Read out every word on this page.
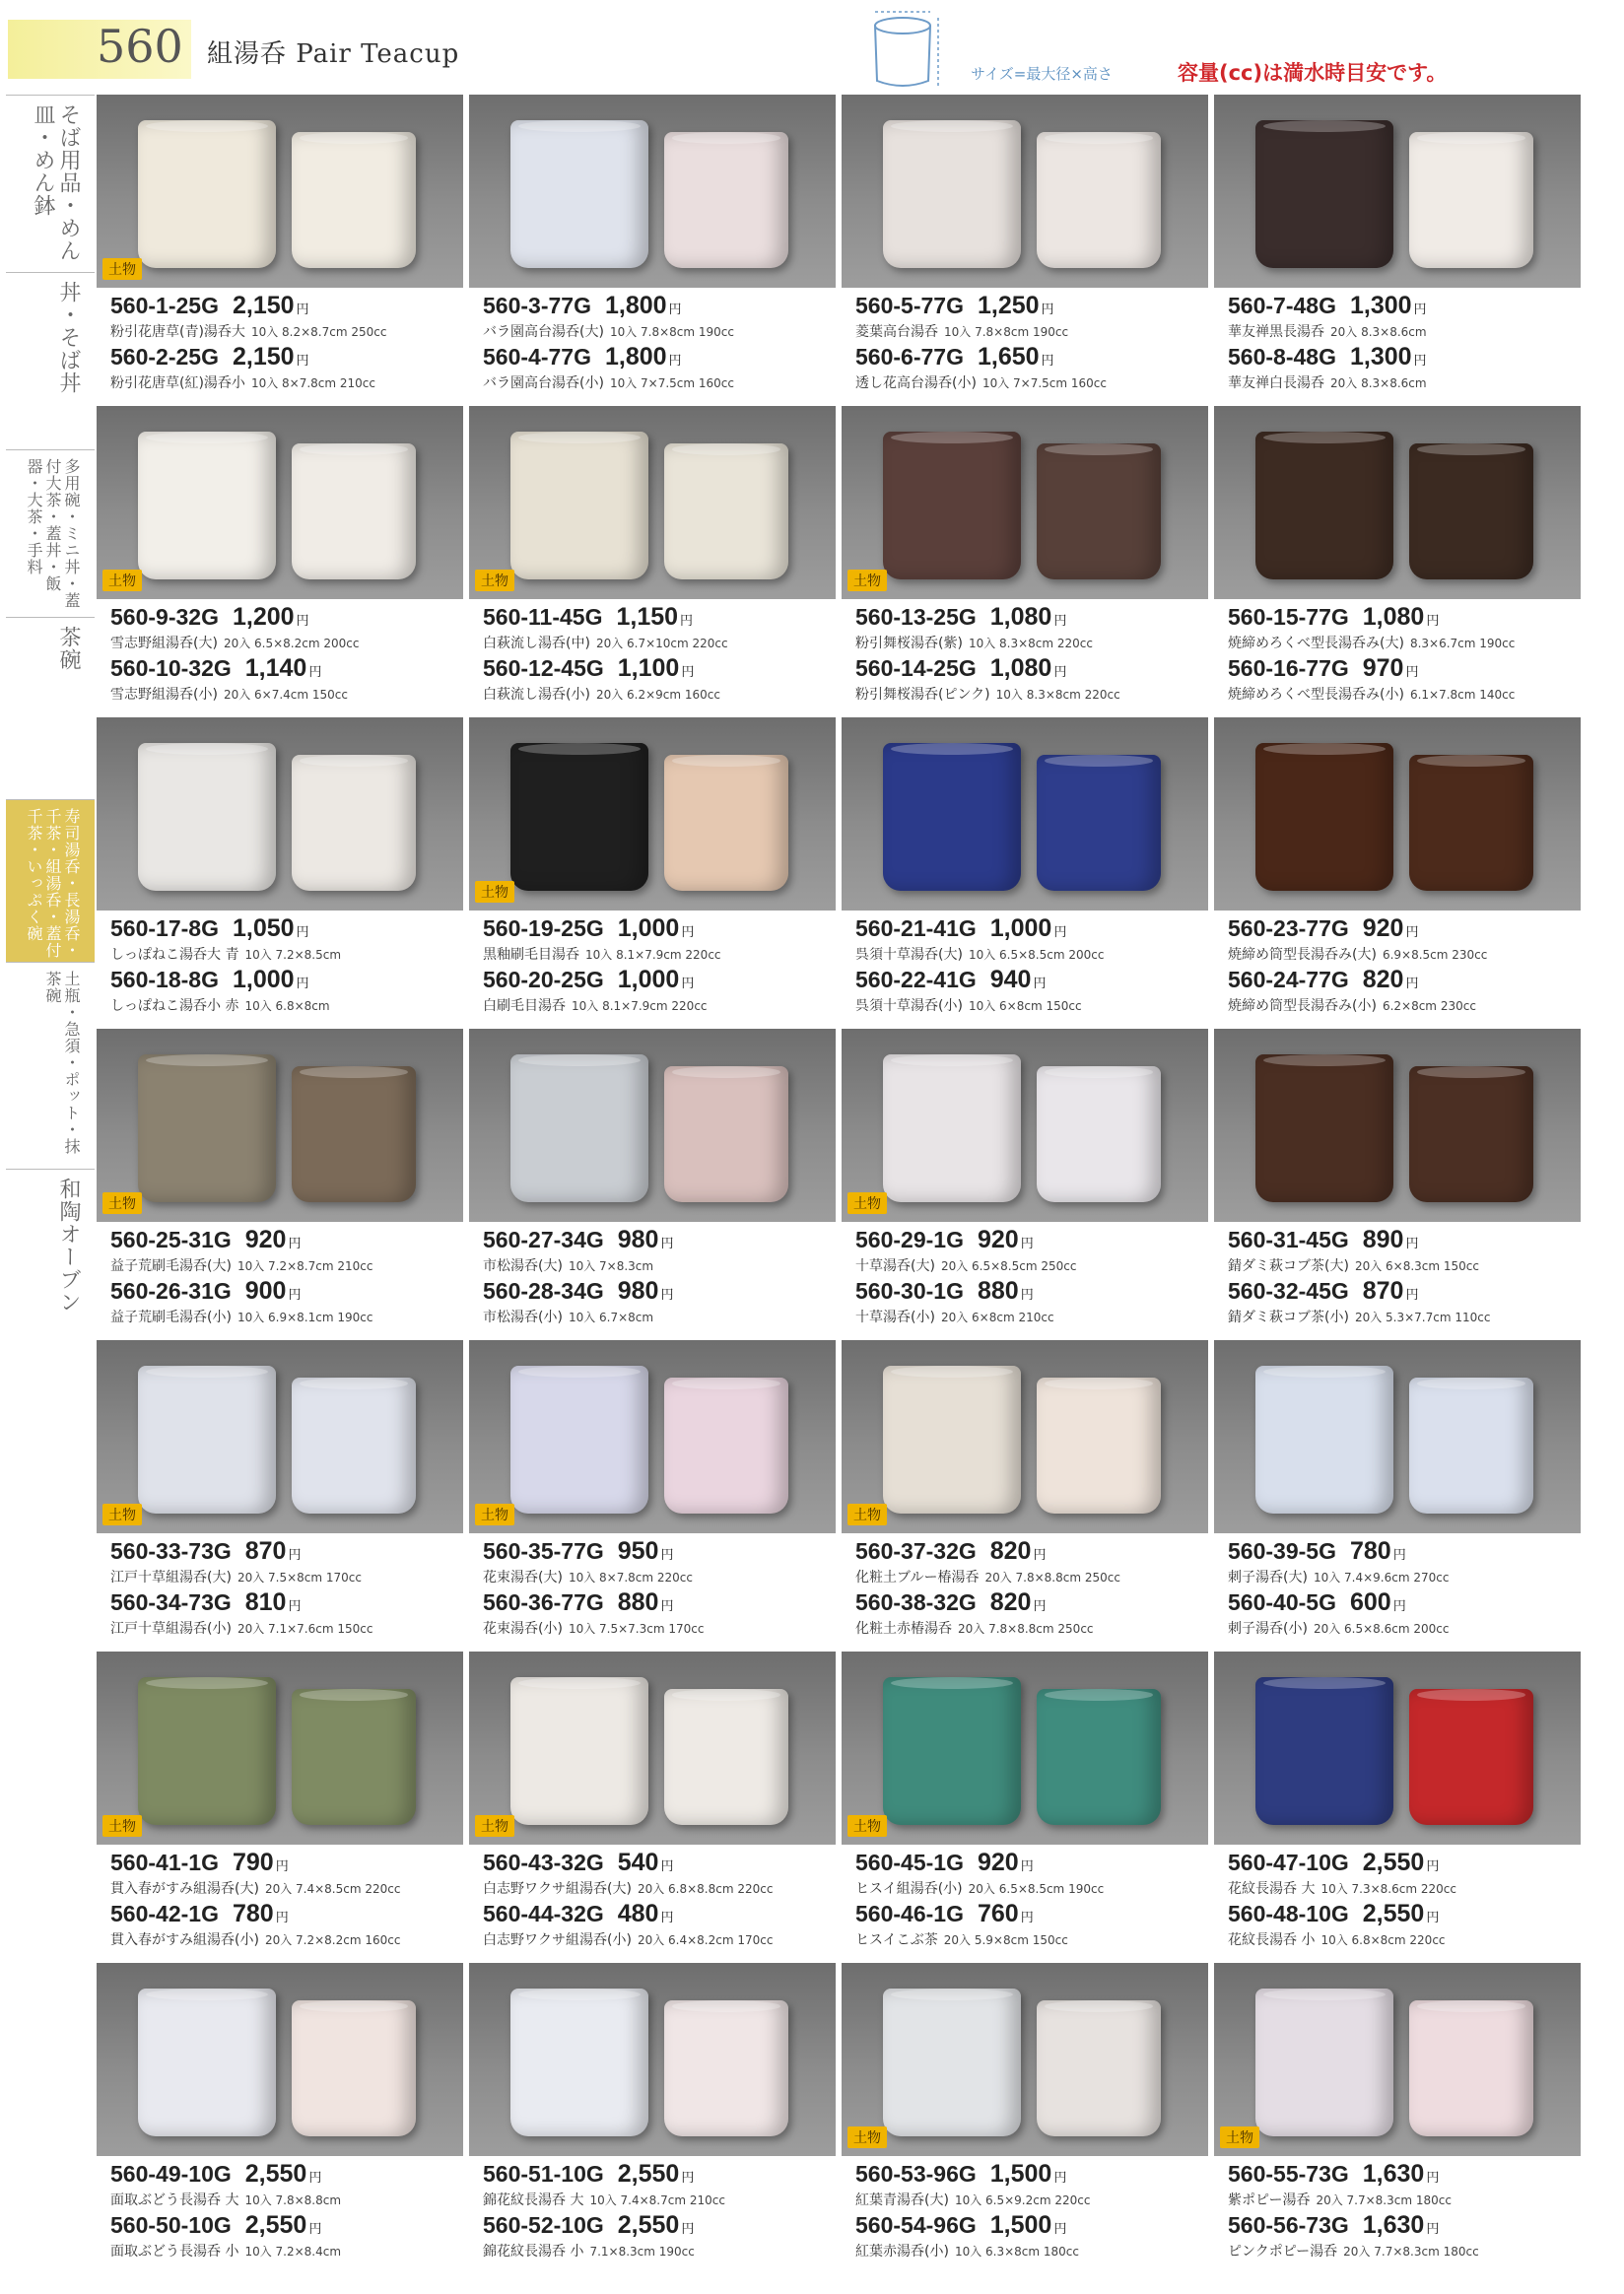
560 組湯呑 Pair Teacup
サイズ=最大径×高さ	容量(cc)は満水時目安です。
そば用品・めん皿・めん鉢
丼・そば丼
多用碗・ミニ丼・蓋付大茶・蓋丼・飯器・大茶・手料
茶碗
寿司湯呑・長湯呑・千茶・組湯呑・蓋付千茶・いっぷく碗
土瓶・急須・ポット・抹茶碗
和陶オーブン
土物
560-1-25G 2,150 円
粉引花唐草(青)湯呑大 10入 8.2×8.7cm 250cc
560-2-25G 2,150 円
粉引花唐草(紅)湯呑小 10入 8×7.8cm 210cc
560-3-77G 1,800 円
バラ園高台湯呑(大) 10入 7.8×8cm 190cc
560-4-77G 1,800 円
バラ園高台湯呑(小) 10入 7×7.5cm 160cc
560-5-77G 1,250 円
菱葉高台湯呑 10入 7.8×8cm 190cc
560-6-77G 1,650 円
透し花高台湯呑(小) 10入 7×7.5cm 160cc
560-7-48G 1,300 円
華友禅黒長湯呑 20入 8.3×8.6cm
560-8-48G 1,300 円
華友禅白長湯呑 20入 8.3×8.6cm
土物
560-9-32G 1,200 円
雪志野組湯呑(大) 20入 6.5×8.2cm 200cc
560-10-32G 1,140 円
雪志野組湯呑(小) 20入 6×7.4cm 150cc
土物
560-11-45G 1,150 円
白萩流し湯呑(中) 20入 6.7×10cm 220cc
560-12-45G 1,100 円
白萩流し湯呑(小) 20入 6.2×9cm 160cc
土物
560-13-25G 1,080 円
粉引舞桜湯呑(紫) 10入 8.3×8cm 220cc
560-14-25G 1,080 円
粉引舞桜湯呑(ピンク) 10入 8.3×8cm 220cc
560-15-77G 1,080 円
焼締めろくべ型長湯呑み(大) 8.3×6.7cm 190cc
560-16-77G 970 円
焼締めろくべ型長湯呑み(小) 6.1×7.8cm 140cc
560-17-8G 1,050 円
しっぽねこ湯呑大 青 10入 7.2×8.5cm
560-18-8G 1,000 円
しっぽねこ湯呑小 赤 10入 6.8×8cm
土物
560-19-25G 1,000 円
黒釉刷毛目湯呑 10入 8.1×7.9cm 220cc
560-20-25G 1,000 円
白刷毛目湯呑 10入 8.1×7.9cm 220cc
560-21-41G 1,000 円
呉須十草湯呑(大) 10入 6.5×8.5cm 200cc
560-22-41G 940 円
呉須十草湯呑(小) 10入 6×8cm 150cc
560-23-77G 920 円
焼締め筒型長湯呑み(大) 6.9×8.5cm 230cc
560-24-77G 820 円
焼締め筒型長湯呑み(小) 6.2×8cm 230cc
土物
560-25-31G 920 円
益子荒刷毛湯呑(大) 10入 7.2×8.7cm 210cc
560-26-31G 900 円
益子荒刷毛湯呑(小) 10入 6.9×8.1cm 190cc
560-27-34G 980 円
市松湯呑(大) 10入 7×8.3cm
560-28-34G 980 円
市松湯呑(小) 10入 6.7×8cm
土物
560-29-1G 920 円
十草湯呑(大) 20入 6.5×8.5cm 250cc
560-30-1G 880 円
十草湯呑(小) 20入 6×8cm 210cc
560-31-45G 890 円
錆ダミ萩コブ茶(大) 20入 6×8.3cm 150cc
560-32-45G 870 円
錆ダミ萩コブ茶(小) 20入 5.3×7.7cm 110cc
土物
560-33-73G 870 円
江戸十草組湯呑(大) 20入 7.5×8cm 170cc
560-34-73G 810 円
江戸十草組湯呑(小) 20入 7.1×7.6cm 150cc
土物
560-35-77G 950 円
花束湯呑(大) 10入 8×7.8cm 220cc
560-36-77G 880 円
花束湯呑(小) 10入 7.5×7.3cm 170cc
土物
560-37-32G 820 円
化粧土ブルー椿湯呑 20入 7.8×8.8cm 250cc
560-38-32G 820 円
化粧土赤椿湯呑 20入 7.8×8.8cm 250cc
560-39-5G 780 円
刺子湯呑(大) 10入 7.4×9.6cm 270cc
560-40-5G 600 円
刺子湯呑(小) 20入 6.5×8.6cm 200cc
土物
560-41-1G 790 円
貫入春がすみ組湯呑(大) 20入 7.4×8.5cm 220cc
560-42-1G 780 円
貫入春がすみ組湯呑(小) 20入 7.2×8.2cm 160cc
土物
560-43-32G 540 円
白志野ワクサ組湯呑(大) 20入 6.8×8.8cm 220cc
560-44-32G 480 円
白志野ワクサ組湯呑(小) 20入 6.4×8.2cm 170cc
土物
560-45-1G 920 円
ヒスイ組湯呑(小) 20入 6.5×8.5cm 190cc
560-46-1G 760 円
ヒスイこぶ茶 20入 5.9×8cm 150cc
560-47-10G 2,550 円
花紋長湯呑 大 10入 7.3×8.6cm 220cc
560-48-10G 2,550 円
花紋長湯呑 小 10入 6.8×8cm 220cc
560-49-10G 2,550 円
面取ぶどう長湯呑 大 10入 7.8×8.8cm
560-50-10G 2,550 円
面取ぶどう長湯呑 小 10入 7.2×8.4cm
560-51-10G 2,550 円
錦花紋長湯呑 大 10入 7.4×8.7cm 210cc
560-52-10G 2,550 円
錦花紋長湯呑 小 7.1×8.3cm 190cc
土物
560-53-96G 1,500 円
紅葉青湯呑(大) 10入 6.5×9.2cm 220cc
560-54-96G 1,500 円
紅葉赤湯呑(小) 10入 6.3×8cm 180cc
土物
560-55-73G 1,630 円
紫ポピー湯呑 20入 7.7×8.3cm 180cc
560-56-73G 1,630 円
ピンクポピー湯呑 20入 7.7×8.3cm 180cc
